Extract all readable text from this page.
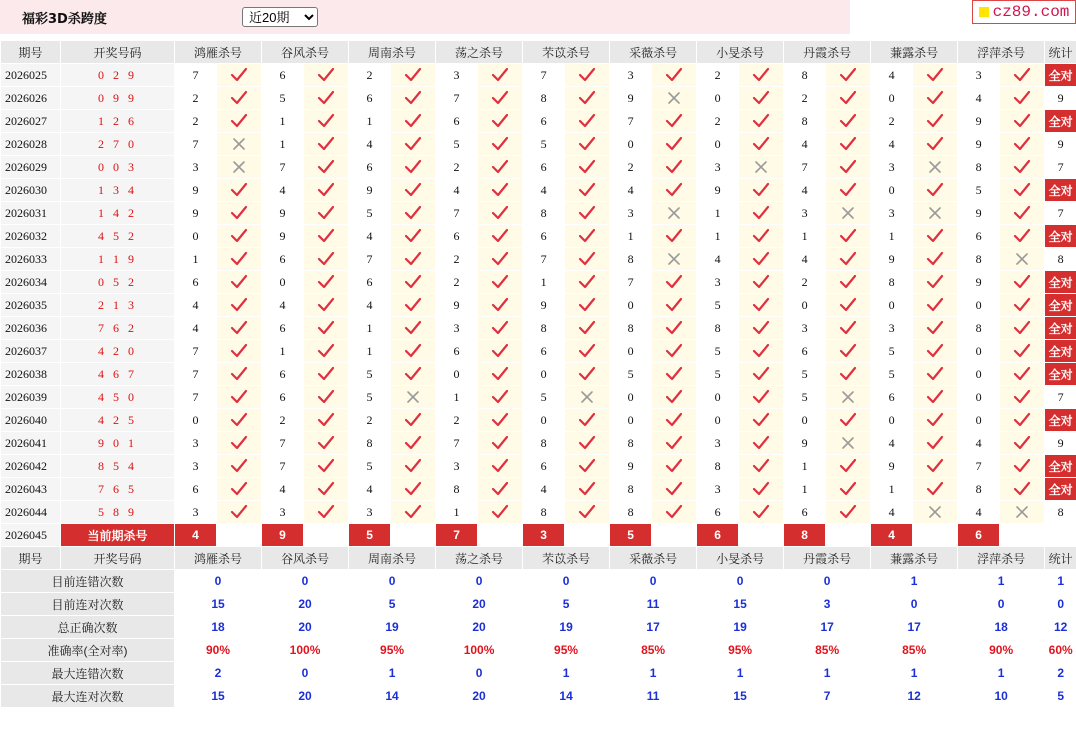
福彩3D杀跨度
近20期	cz89.com
期号	开奖号码	鸿雁杀号		谷风杀号		周南杀号		荡之杀号		芣苡杀号		采薇杀号		小旻杀号		丹霞杀号		蒹露杀号		浮萍杀号		统计
2026025	0 2 9	7		6		2		3		7		3		2		8		4		3		全对
2026026	0 9 9	2		5		6		7		8		9		0		2		0		4		9
2026027	1 2 6	2		1		1		6		6		7		2		8		2		9		全对
2026028	2 7 0	7		1		4		5		5		0		0		4		4		9		9
2026029	0 0 3	3		7		6		2		6		2		3		7		3		8		7
2026030	1 3 4	9		4		9		4		4		4		9		4		0		5		全对
2026031	1 4 2	9		9		5		7		8		3		1		3		3		9		7
2026032	4 5 2	0		9		4		6		6		1		1		1		1		6		全对
2026033	1 1 9	1		6		7		2		7		8		4		4		9		8		8
2026034	0 5 2	6		0		6		2		1		7		3		2		8		9		全对
2026035	2 1 3	4		4		4		9		9		0		5		0		0		0		全对
2026036	7 6 2	4		6		1		3		8		8		8		3		3		8		全对
2026037	4 2 0	7		1		1		6		6		0		5		6		5		0		全对
2026038	4 6 7	7		6		5		0		0		5		5		5		5		0		全对
2026039	4 5 0	7		6		5		1		5		0		0		5		6		0		7
2026040	4 2 5	0		2		2		2		0		0		0		0		0		0		全对
2026041	9 0 1	3		7		8		7		8		8		3		9		4		4		9
2026042	8 5 4	3		7		5		3		6		9		8		1		9		7		全对
2026043	7 6 5	6		4		4		8		4		8		3		1		1		8		全对
2026044	5 8 9	3		3		3		1		8		8		6		6		4		4		8
2026045	当前期杀号	4		9		5		7		3		5		6		8		4		6		
期号	开奖号码	鸿雁杀号		谷风杀号		周南杀号		荡之杀号		芣苡杀号		采薇杀号		小旻杀号		丹霞杀号		蒹露杀号		浮萍杀号		统计
目前连错次数		0		0		0		0		0		0		0		0		1		1		1
目前连对次数		15		20		5		20		5		11		15		3		0		0		0
总正确次数		18		20		19		20		19		17		19		17		17		18		12
准确率(全对率)		90%		100%		95%		100%		95%		85%		95%		85%		85%		90%		60%
最大连错次数		2		0		1		0		1		1		1		1		1		1		2
最大连对次数		15		20		14		20		14		11		15		7		12		10		5
